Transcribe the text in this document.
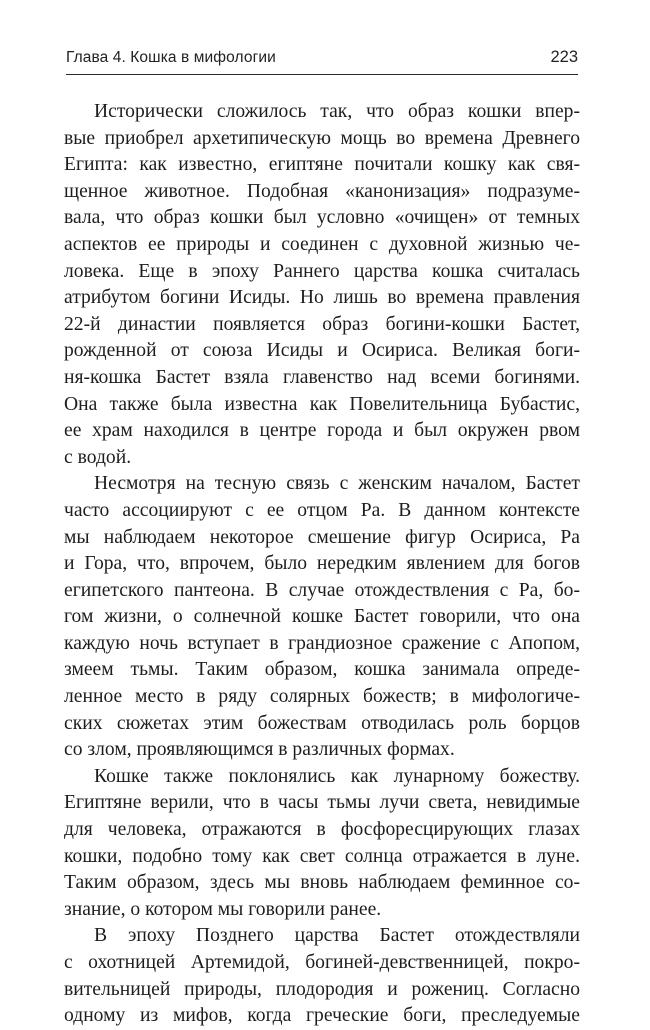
Глава 4. Кошка в мифологии	223
Исторически сложилось так, что образ кошки впер-
вые приобрел архетипическую мощь во времена Древнего
Египта: как известно, египтяне почитали кошку как свя-
щенное животное. Подобная «канонизация» подразуме-
вала, что образ кошки был условно «очищен» от темных
аспектов ее природы и соединен с духовной жизнью че-
ловека. Еще в эпоху Раннего царства кошка считалась
атрибутом богини Исиды. Но лишь во времена правления
22-й династии появляется образ богини-кошки Бастет,
рожденной от союза Исиды и Осириса. Великая боги-
ня-кошка Бастет взяла главенство над всеми богинями.
Она также была известна как Повелительница Бубастис,
ее храм находился в центре города и был окружен рвом
с водой.
Несмотря на тесную связь с женским началом, Бастет
часто ассоциируют с ее отцом Ра. В данном контексте
мы наблюдаем некоторое смешение фигур Осириса, Ра
и Гора, что, впрочем, было нередким явлением для богов
египетского пантеона. В случае отождествления с Ра, бо-
гом жизни, о солнечной кошке Бастет говорили, что она
каждую ночь вступает в грандиозное сражение с Апопом,
змеем тьмы. Таким образом, кошка занимала опреде-
ленное место в ряду солярных божеств; в мифологиче-
ских сюжетах этим божествам отводилась роль борцов
со злом, проявляющимся в различных формах.
Кошке также поклонялись как лунарному божеству.
Египтяне верили, что в часы тьмы лучи света, невидимые
для человека, отражаются в фосфоресцирующих глазах
кошки, подобно тому как свет солнца отражается в луне.
Таким образом, здесь мы вновь наблюдаем феминное со-
знание, о котором мы говорили ранее.
В эпоху Позднего царства Бастет отождествляли
с охотницей Артемидой, богиней-девственницей, покро-
вительницей природы, плодородия и рожениц. Согласно
одному из мифов, когда греческие боги, преследуемые
